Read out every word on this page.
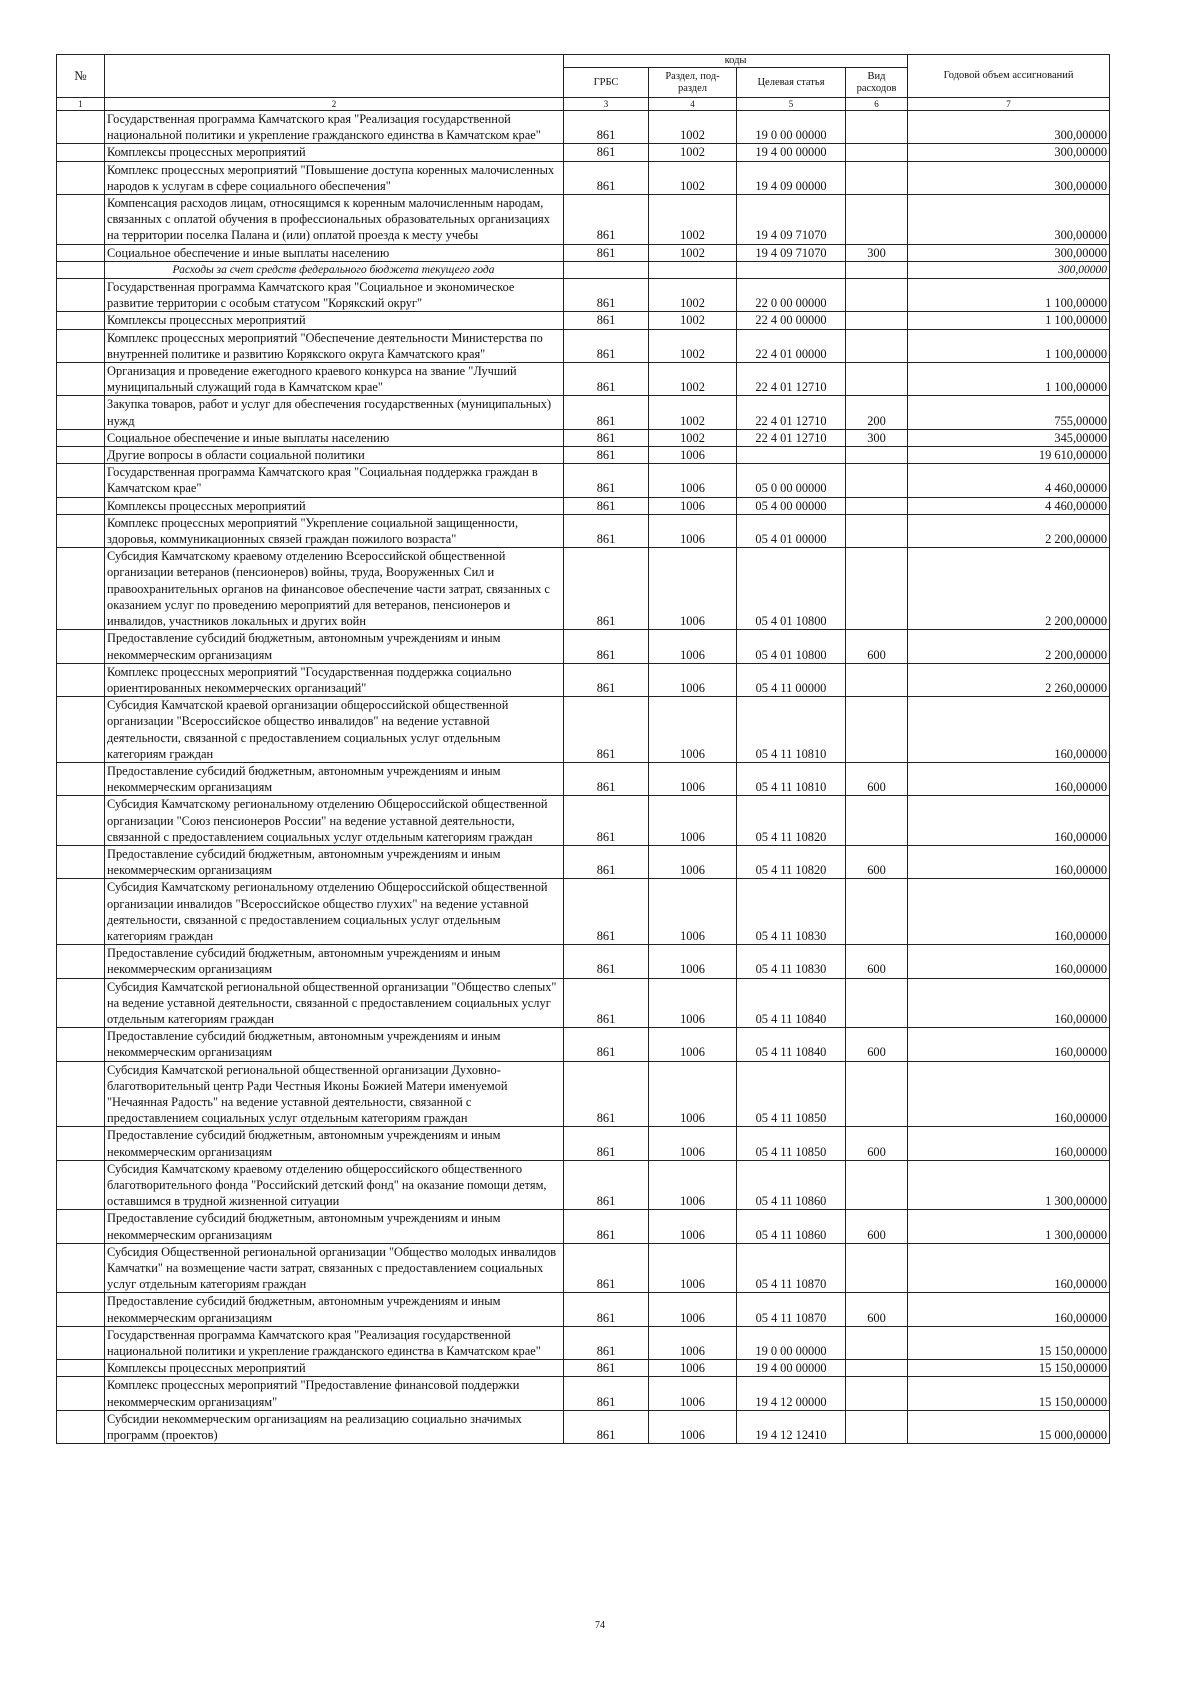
№		коды				Годовой объем ассигнований
		ГРБС	Раздел, под-раздел	Целевая статья	Вид расходов	
1	2	3	4	5	6	7
	Государственная программа Камчатского края "Реализация государственной национальной политики и укрепление гражданского единства в Камчатском крае"	861	1002	19 0 00 00000		300,00000
	Комплексы процессных мероприятий	861	1002	19 4 00 00000		300,00000
	Комплекс процессных мероприятий "Повышение доступа коренных малочисленных народов к услугам в сфере социального обеспечения"	861	1002	19 4 09 00000		300,00000
	Компенсация расходов лицам, относящимся к коренным малочисленным народам, связанных с оплатой обучения в профессиональных образовательных организациях на территории поселка Палана и (или) оплатой проезда к месту учебы	861	1002	19 4 09 71070		300,00000
	Социальное обеспечение и иные выплаты населению	861	1002	19 4 09 71070	300	300,00000
	Расходы за счет средств федерального бюджета текущего года					300,00000
	Государственная программа Камчатского края "Социальное и экономическое развитие территории с особым статусом "Корякский округ"	861	1002	22 0 00 00000		1 100,00000
	Комплексы процессных мероприятий	861	1002	22 4 00 00000		1 100,00000
	Комплекс процессных мероприятий "Обеспечение деятельности Министерства по внутренней политике и развитию Корякского округа Камчатского края"	861	1002	22 4 01 00000		1 100,00000
	Организация и проведение ежегодного краевого конкурса на звание "Лучший муниципальный служащий года в Камчатском крае"	861	1002	22 4 01 12710		1 100,00000
	Закупка товаров, работ и услуг для обеспечения государственных (муниципальных) нужд	861	1002	22 4 01 12710	200	755,00000
	Социальное обеспечение и иные выплаты населению	861	1002	22 4 01 12710	300	345,00000
	Другие вопросы в области социальной политики	861	1006			19 610,00000
	Государственная программа Камчатского края "Социальная поддержка граждан в Камчатском крае"	861	1006	05 0 00 00000		4 460,00000
	Комплексы процессных мероприятий	861	1006	05 4 00 00000		4 460,00000
	Комплекс процессных мероприятий "Укрепление социальной защищенности, здоровья, коммуникационных связей граждан пожилого возраста"	861	1006	05 4 01 00000		2 200,00000
	Субсидия Камчатскому краевому отделению Всероссийской общественной организации ветеранов (пенсионеров) войны, труда, Вооруженных Сил и правоохранительных органов на финансовое обеспечение части затрат, связанных с оказанием услуг по проведению мероприятий для ветеранов, пенсионеров и инвалидов, участников локальных и других войн	861	1006	05 4 01 10800		2 200,00000
	Предоставление субсидий бюджетным, автономным учреждениям и иным некоммерческим организациям	861	1006	05 4 01 10800	600	2 200,00000
	Комплекс процессных мероприятий "Государственная поддержка социально ориентированных некоммерческих организаций"	861	1006	05 4 11 00000		2 260,00000
	Субсидия Камчатской краевой организации общероссийской общественной организации "Всероссийское общество инвалидов" на ведение уставной деятельности, связанной с предоставлением социальных услуг отдельным категориям граждан	861	1006	05 4 11 10810		160,00000
	Предоставление субсидий бюджетным, автономным учреждениям и иным некоммерческим организациям	861	1006	05 4 11 10810	600	160,00000
	Субсидия Камчатскому региональному отделению Общероссийской общественной организации "Союз пенсионеров России" на ведение уставной деятельности, связанной с предоставлением социальных услуг отдельным категориям граждан	861	1006	05 4 11 10820		160,00000
	Предоставление субсидий бюджетным, автономным учреждениям и иным некоммерческим организациям	861	1006	05 4 11 10820	600	160,00000
	Субсидия Камчатскому региональному отделению Общероссийской общественной организации инвалидов "Всероссийское общество глухих" на ведение уставной деятельности, связанной с предоставлением социальных услуг отдельным категориям граждан	861	1006	05 4 11 10830		160,00000
	Предоставление субсидий бюджетным, автономным учреждениям и иным некоммерческим организациям	861	1006	05 4 11 10830	600	160,00000
	Субсидия Камчатской региональной общественной организации "Общество слепых" на ведение уставной деятельности, связанной с предоставлением социальных услуг отдельным категориям граждан	861	1006	05 4 11 10840		160,00000
	Предоставление субсидий бюджетным, автономным учреждениям и иным некоммерческим организациям	861	1006	05 4 11 10840	600	160,00000
	Субсидия Камчатской региональной общественной организации Духовно-благотворительный центр Ради Честныя Иконы Божией Матери именуемой "Нечаянная Радость" на ведение уставной деятельности, связанной с предоставлением социальных услуг отдельным категориям граждан	861	1006	05 4 11 10850		160,00000
	Предоставление субсидий бюджетным, автономным учреждениям и иным некоммерческим организациям	861	1006	05 4 11 10850	600	160,00000
	Субсидия Камчатскому краевому отделению общероссийского общественного благотворительного фонда "Российский детский фонд" на оказание помощи детям, оставшимся в трудной жизненной ситуации	861	1006	05 4 11 10860		1 300,00000
	Предоставление субсидий бюджетным, автономным учреждениям и иным некоммерческим организациям	861	1006	05 4 11 10860	600	1 300,00000
	Субсидия Общественной региональной организации "Общество молодых инвалидов Камчатки" на возмещение части затрат, связанных с предоставлением социальных услуг отдельным категориям граждан	861	1006	05 4 11 10870		160,00000
	Предоставление субсидий бюджетным, автономным учреждениям и иным некоммерческим организациям	861	1006	05 4 11 10870	600	160,00000
	Государственная программа Камчатского края "Реализация государственной национальной политики и укрепление гражданского единства в Камчатском крае"	861	1006	19 0 00 00000		15 150,00000
	Комплексы процессных мероприятий	861	1006	19 4 00 00000		15 150,00000
	Комплекс процессных мероприятий "Предоставление финансовой поддержки некоммерческим организациям"	861	1006	19 4 12 00000		15 150,00000
	Субсидии некоммерческим организациям на реализацию социально значимых программ (проектов)	861	1006	19 4 12 12410		15 000,00000
74
